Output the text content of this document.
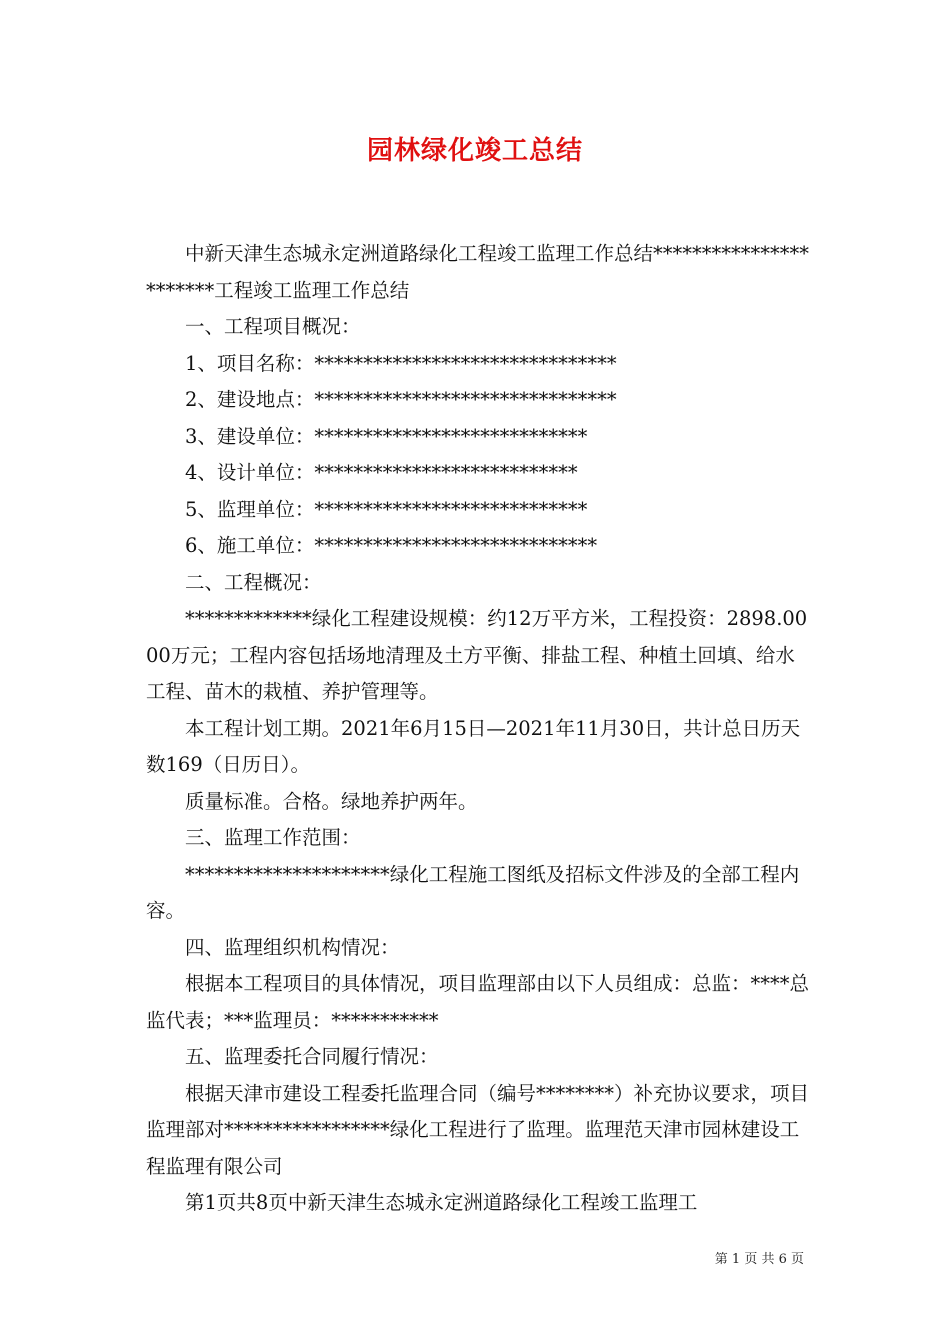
园林绿化竣工总结

中新天津生态城永定洲道路绿化工程竣工监理工作总结***********************工程竣工监理工作总结

一、工程项目概况：

1、项目名称：*******************************

2、建设地点：*******************************

3、建设单位：****************************

4、设计单位：***************************

5、监理单位：****************************

6、施工单位：*****************************

二、工程概况：

*************绿化工程建设规模：约12万平方米，工程投资：2898.0000万元；工程内容包括场地清理及土方平衡、排盐工程、种植土回填、给水工程、苗木的栽植、养护管理等。

本工程计划工期。2021年6月15日—2021年11月30日，共计总日历天数169（日历日）。

质量标准。合格。绿地养护两年。

三、监理工作范围：

*********************绿化工程施工图纸及招标文件涉及的全部工程内容。

四、监理组织机构情况：

根据本工程项目的具体情况，项目监理部由以下人员组成：总监：****总监代表；***监理员：***********

五、监理委托合同履行情况：

根据天津市建设工程委托监理合同（编号********）补充协议要求，项目监理部对*****************绿化工程进行了监理。监理范天津市园林建设工程监理有限公司

第1页共8页中新天津生态城永定洲道路绿化工程竣工监理工

第 1 页 共 6 页
